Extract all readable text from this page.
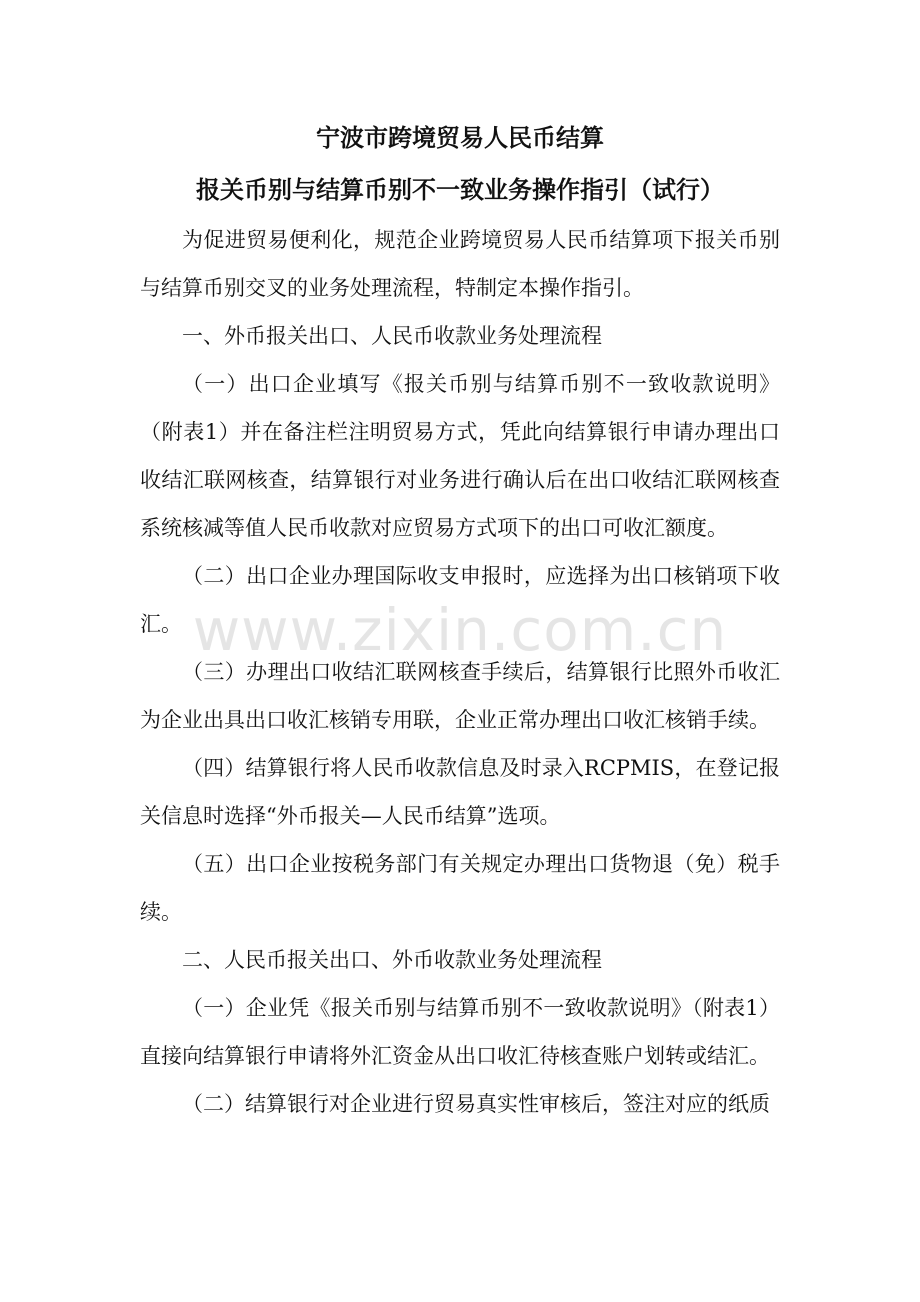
宁波市跨境贸易人民币结算
报关币别与结算币别不一致业务操作指引（试行）

为促进贸易便利化，规范企业跨境贸易人民币结算项下报关币别与结算币别交叉的业务处理流程，特制定本操作指引。

一、外币报关出口、人民币收款业务处理流程

（一）出口企业填写《报关币别与结算币别不一致收款说明》（附表1）并在备注栏注明贸易方式，凭此向结算银行申请办理出口收结汇联网核查，结算银行对业务进行确认后在出口收结汇联网核查系统核减等值人民币收款对应贸易方式项下的出口可收汇额度。

（二）出口企业办理国际收支申报时，应选择为出口核销项下收汇。

（三）办理出口收结汇联网核查手续后，结算银行比照外币收汇为企业出具出口收汇核销专用联，企业正常办理出口收汇核销手续。

（四）结算银行将人民币收款信息及时录入RCPMIS，在登记报关信息时选择“外币报关—人民币结算”选项。

（五）出口企业按税务部门有关规定办理出口货物退（免）税手续。

二、人民币报关出口、外币收款业务处理流程

（一）企业凭《报关币别与结算币别不一致收款说明》（附表1）直接向结算银行申请将外汇资金从出口收汇待核查账户划转或结汇。

（二）结算银行对企业进行贸易真实性审核后，签注对应的纸质

www.zixin.com.cn
